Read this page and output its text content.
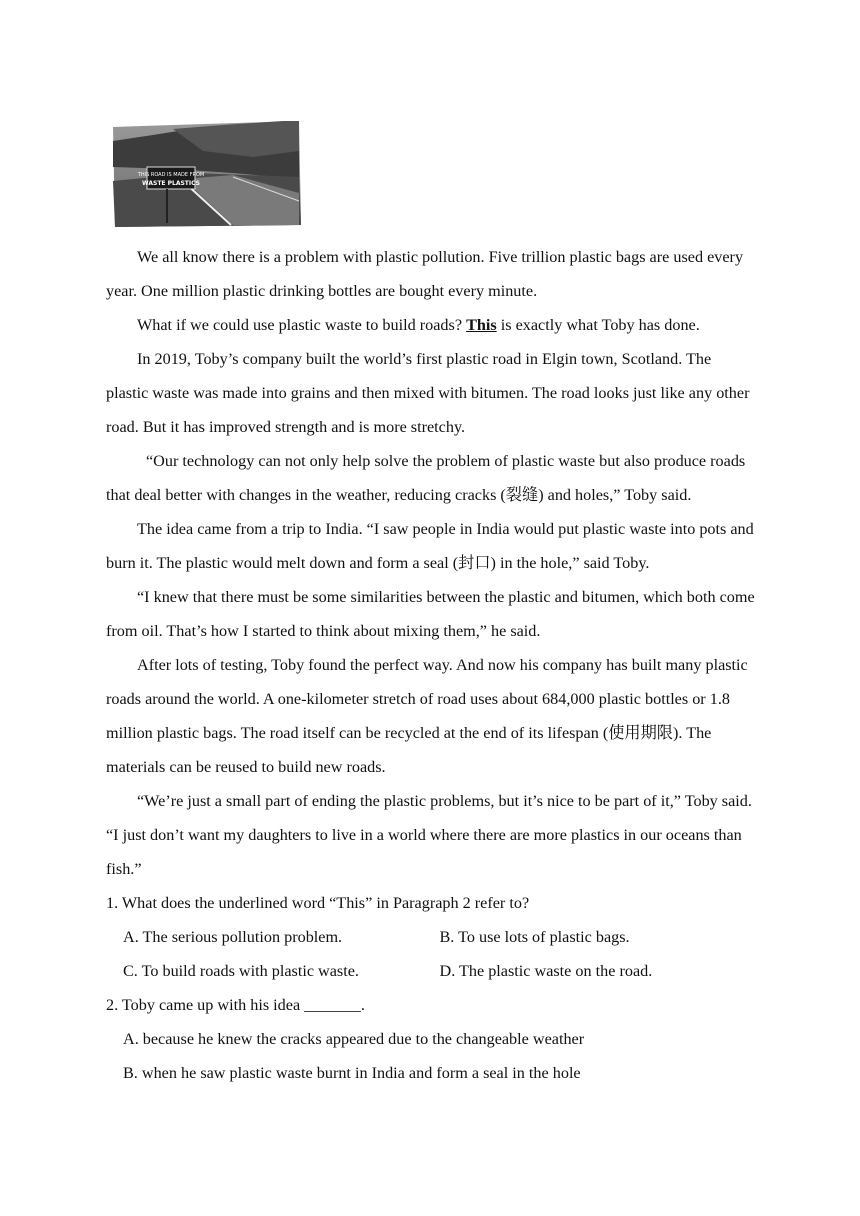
THIS ROAD IS MADE FROM
WASTE PLASTICS

We all know there is a problem with plastic pollution. Five trillion plastic bags are used every year. One million plastic drinking bottles are bought every minute.

What if we could use plastic waste to build roads? This is exactly what Toby has done.

In 2019, Toby’s company built the world’s first plastic road in Elgin town, Scotland. The plastic waste was made into grains and then mixed with bitumen. The road looks just like any other road. But it has improved strength and is more stretchy.

“Our technology can not only help solve the problem of plastic waste but also produce roads that deal better with changes in the weather, reducing cracks (裂缝) and holes,” Toby said.

The idea came from a trip to India. “I saw people in India would put plastic waste into pots and burn it. The plastic would melt down and form a seal (封口) in the hole,” said Toby.

“I knew that there must be some similarities between the plastic and bitumen, which both come from oil. That’s how I started to think about mixing them,” he said.

After lots of testing, Toby found the perfect way. And now his company has built many plastic roads around the world. A one-kilometer stretch of road uses about 684,000 plastic bottles or 1.8 million plastic bags. The road itself can be recycled at the end of its lifespan (使用期限). The materials can be reused to build new roads.

“We’re just a small part of ending the plastic problems, but it’s nice to be part of it,” Toby said. “I just don’t want my daughters to live in a world where there are more plastics in our oceans than fish.”

1. What does the underlined word “This” in Paragraph 2 refer to?

A. The serious pollution problem.	B. To use lots of plastic bags.
C. To build roads with plastic waste.	D. The plastic waste on the road.

2. Toby came up with his idea _______.

A. because he knew the cracks appeared due to the changeable weather

B. when he saw plastic waste burnt in India and form a seal in the hole
